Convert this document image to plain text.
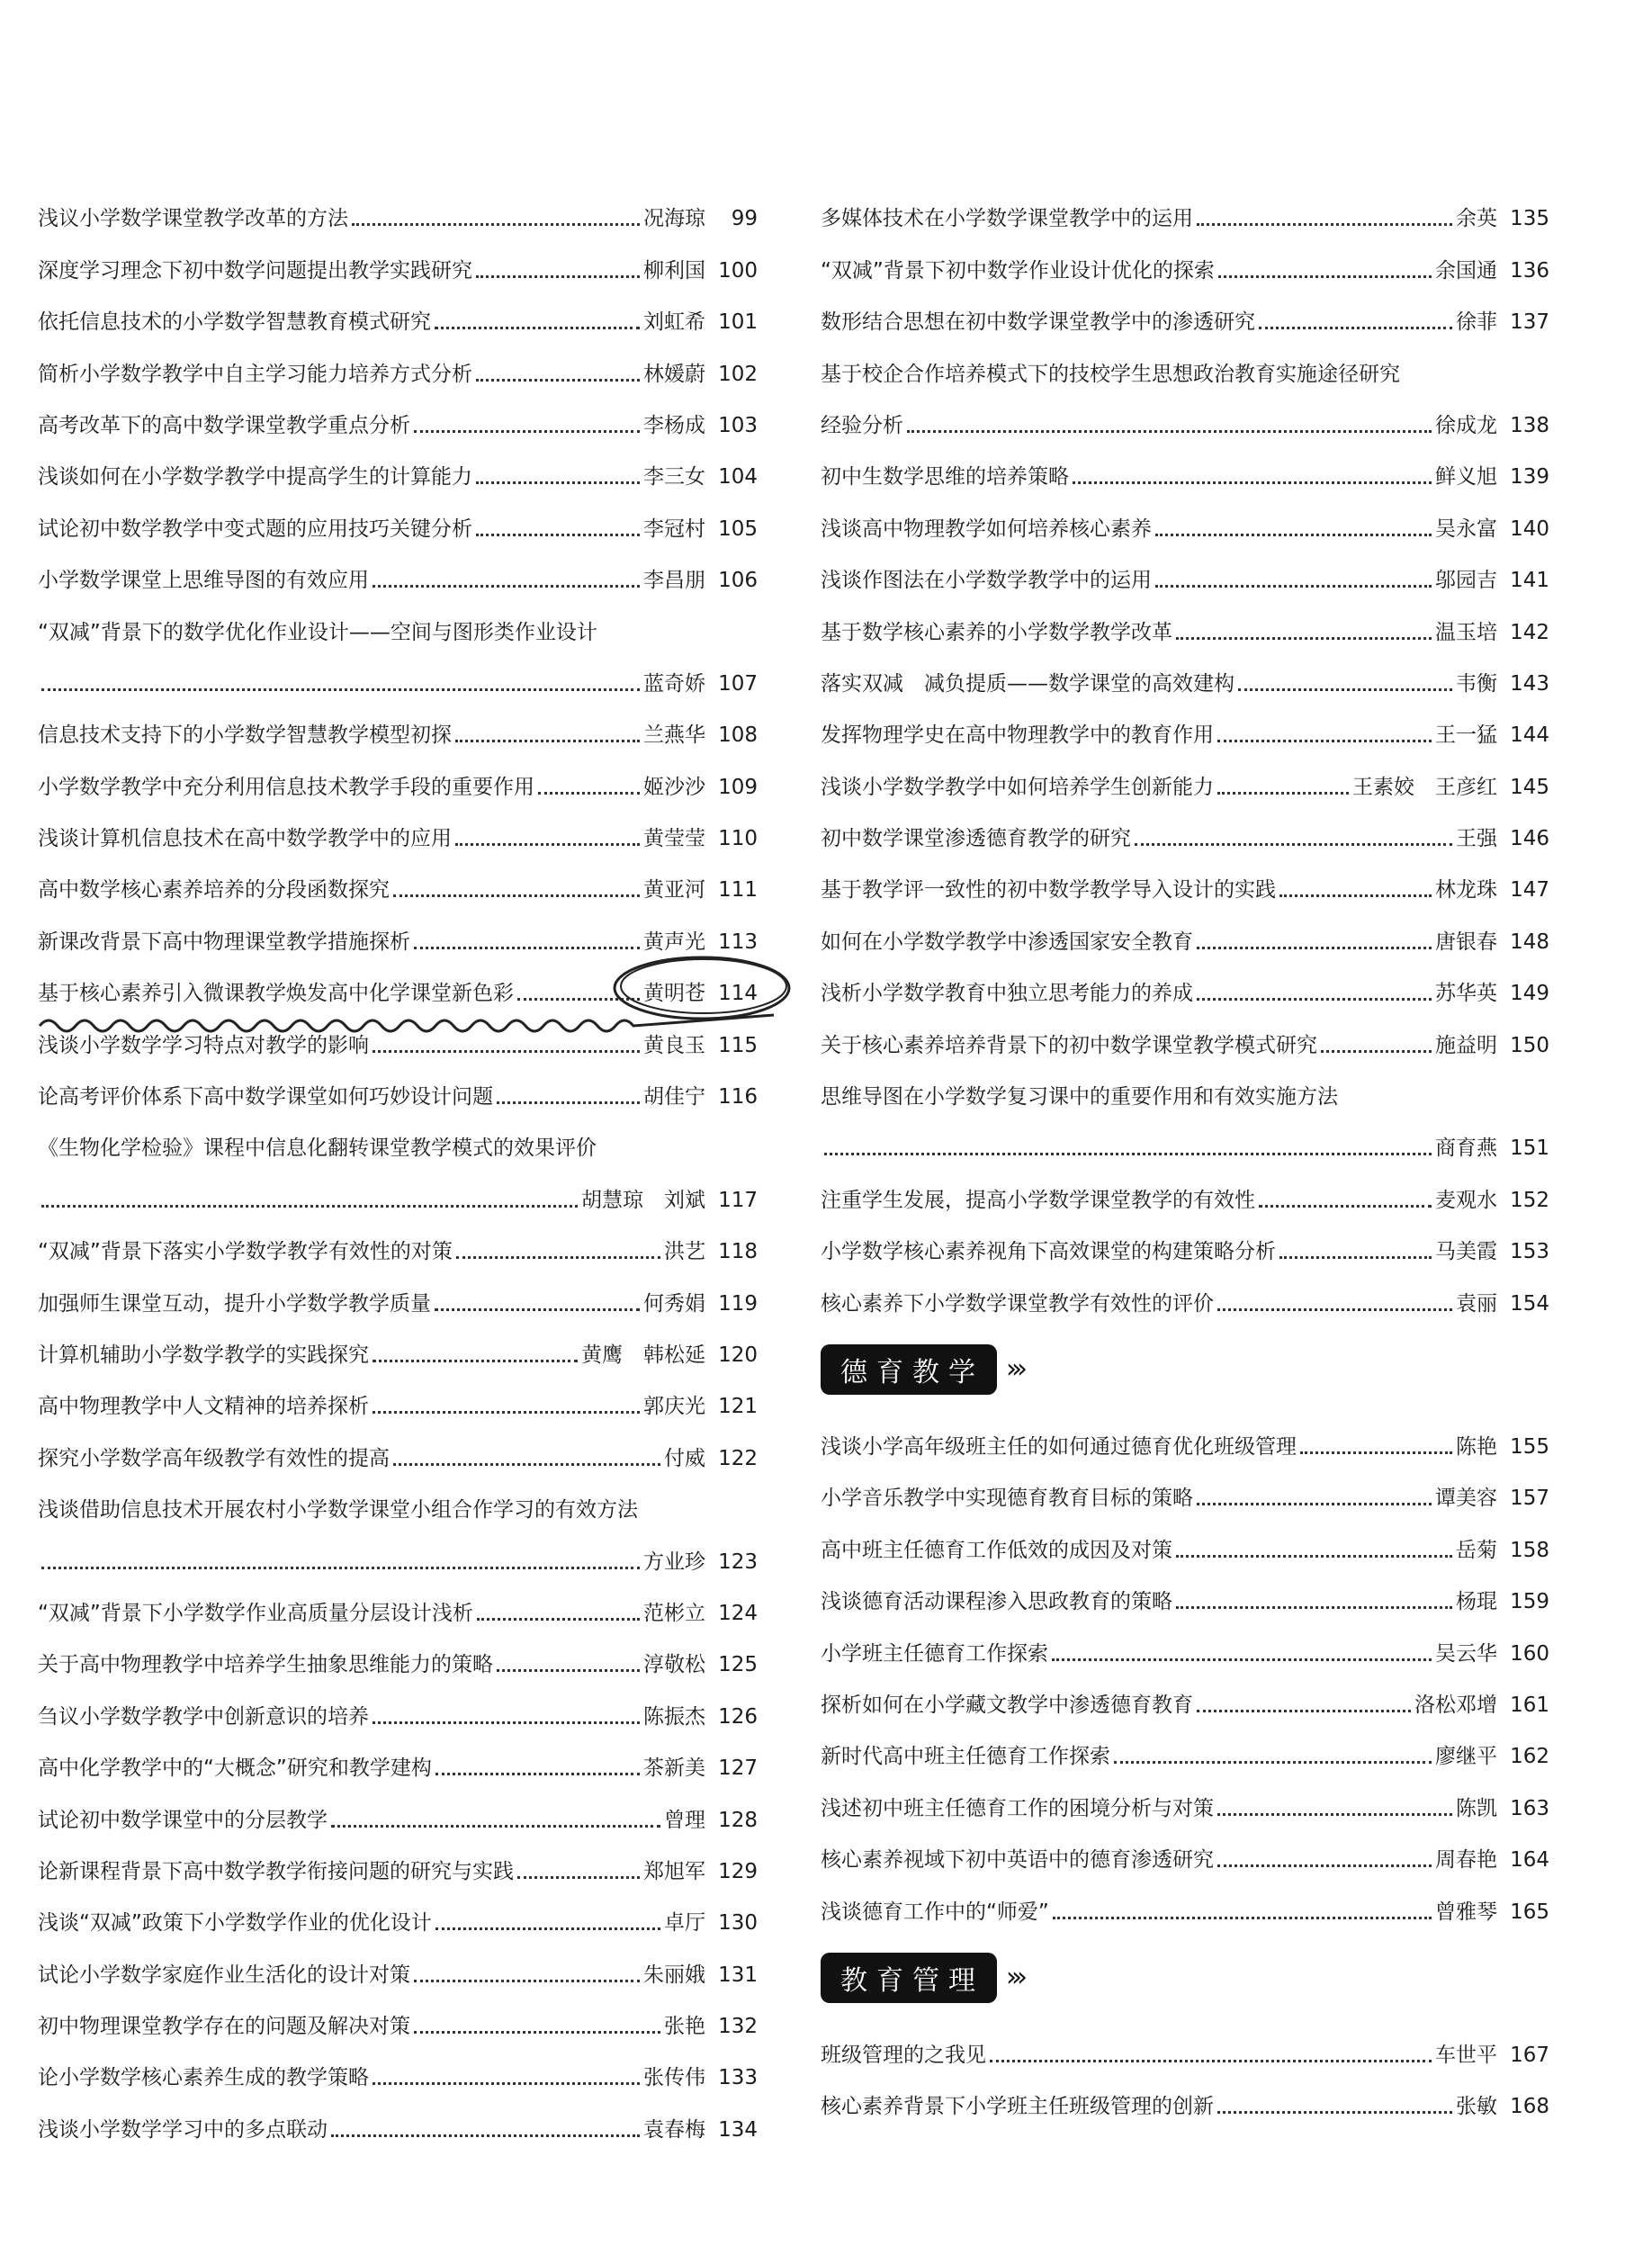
浅议小学数学课堂教学改革的方法	况海琼	99
深度学习理念下初中数学问题提出教学实践研究	柳利国 100
依托信息技术的小学数学智慧教育模式研究	刘虹希 101
简析小学数学教学中自主学习能力培养方式分析	林媛蔚 102
高考改革下的高中数学课堂教学重点分析	李杨成 103
浅谈如何在小学数学教学中提高学生的计算能力	李三女 104
试论初中数学教学中变式题的应用技巧关键分析	李冠村 105
小学数学课堂上思维导图的有效应用	李昌朋 106
“双减”背景下的数学优化作业设计——空间与图形类作业设计
蓝奇娇 107
信息技术支持下的小学数学智慧教学模型初探	兰燕华 108
小学数学教学中充分利用信息技术教学手段的重要作用	姬沙沙 109
浅谈计算机信息技术在高中数学教学中的应用	黄莹莹 110
高中数学核心素养培养的分段函数探究	黄亚河 111
新课改背景下高中物理课堂教学措施探析	黄声光 113
基于核心素养引入微课教学焕发高中化学课堂新色彩	黄明苍 114
浅谈小学数学学习特点对教学的影响	黄良玉 115
论高考评价体系下高中数学课堂如何巧妙设计问题	胡佳宁 116
《生物化学检验》课程中信息化翻转课堂教学模式的效果评价
胡慧琼　刘斌 117
“双减”背景下落实小学数学教学有效性的对策	洪艺 118
加强师生课堂互动，提升小学数学教学质量	何秀娟 119
计算机辅助小学数学教学的实践探究	黄鹰　韩松延 120
高中物理教学中人文精神的培养探析	郭庆光 121
探究小学数学高年级教学有效性的提高	付威 122
浅谈借助信息技术开展农村小学数学课堂小组合作学习的有效方法
方业珍 123
“双减”背景下小学数学作业高质量分层设计浅析	范彬立 124
关于高中物理教学中培养学生抽象思维能力的策略	淳敬松 125
刍议小学数学教学中创新意识的培养	陈振杰 126
高中化学教学中的“大概念”研究和教学建构	茶新美 127
试论初中数学课堂中的分层教学	曾理 128
论新课程背景下高中数学教学衔接问题的研究与实践	郑旭军 129
浅谈“双减”政策下小学数学作业的优化设计	卓厅 130
试论小学数学家庭作业生活化的设计对策	朱丽娥 131
初中物理课堂教学存在的问题及解决对策	张艳 132
论小学数学核心素养生成的教学策略	张传伟 133
浅谈小学数学学习中的多点联动	袁春梅 134
多媒体技术在小学数学课堂教学中的运用	余英 135
“双减”背景下初中数学作业设计优化的探索	余国通 136
数形结合思想在初中数学课堂教学中的渗透研究	徐菲 137
基于校企合作培养模式下的技校学生思想政治教育实施途径研究
经验分析	徐成龙 138
初中生数学思维的培养策略	鲜义旭 139
浅谈高中物理教学如何培养核心素养	吴永富 140
浅谈作图法在小学数学教学中的运用	邬园吉 141
基于数学核心素养的小学数学教学改革	温玉培 142
落实双减　减负提质——数学课堂的高效建构	韦衡 143
发挥物理学史在高中物理教学中的教育作用	王一猛 144
浅谈小学数学教学中如何培养学生创新能力	王素姣　王彦红 145
初中数学课堂渗透德育教学的研究	王强 146
基于教学评一致性的初中数学教学导入设计的实践	林龙珠 147
如何在小学数学教学中渗透国家安全教育	唐银春 148
浅析小学数学教育中独立思考能力的养成	苏华英 149
关于核心素养培养背景下的初中数学课堂教学模式研究	施益明 150
思维导图在小学数学复习课中的重要作用和有效实施方法
商育燕 151
注重学生发展，提高小学数学课堂教学的有效性	麦观水 152
小学数学核心素养视角下高效课堂的构建策略分析	马美霞 153
核心素养下小学数学课堂教学有效性的评价	袁丽 154
德育教学 ›››
浅谈小学高年级班主任的如何通过德育优化班级管理	陈艳 155
小学音乐教学中实现德育教育目标的策略	谭美容 157
高中班主任德育工作低效的成因及对策	岳菊 158
浅谈德育活动课程渗入思政教育的策略	杨琨 159
小学班主任德育工作探索	吴云华 160
探析如何在小学藏文教学中渗透德育教育	洛松邓增 161
新时代高中班主任德育工作探索	廖继平 162
浅述初中班主任德育工作的困境分析与对策	陈凯 163
核心素养视域下初中英语中的德育渗透研究	周春艳 164
浅谈德育工作中的“师爱”	曾雅琴 165
教育管理 ›››
班级管理的之我见	车世平 167
核心素养背景下小学班主任班级管理的创新	张敏 168
